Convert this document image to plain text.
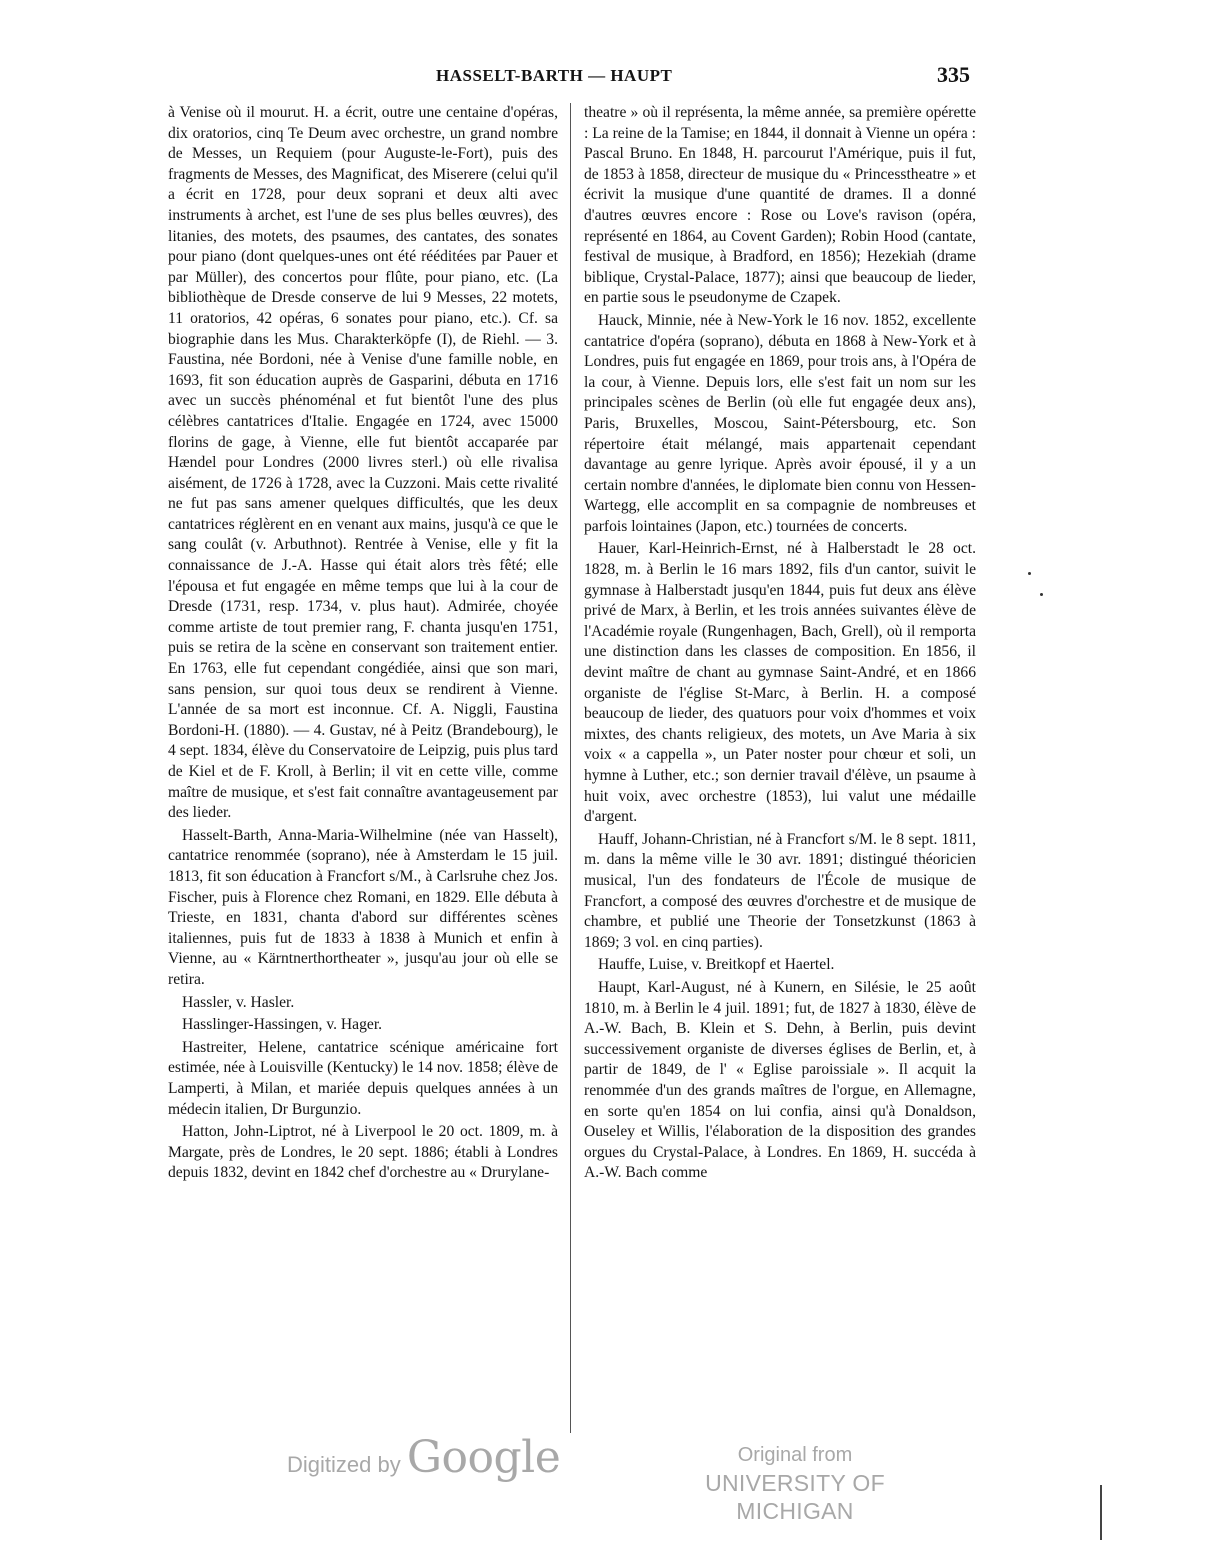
HASSELT-BARTH — HAUPT	335

à Venise où il mourut. H. a écrit, outre une centaine d'opéras, dix oratorios, cinq Te Deum avec orchestre, un grand nombre de Messes, un Requiem (pour Auguste-le-Fort), puis des fragments de Messes, des Magnificat, des Miserere (celui qu'il a écrit en 1728, pour deux soprani et deux alti avec instruments à archet, est l'une de ses plus belles œuvres), des litanies, des motets, des psaumes, des cantates, des sonates pour piano (dont quelques-unes ont été rééditées par Pauer et par Müller), des concertos pour flûte, pour piano, etc. (La bibliothèque de Dresde conserve de lui 9 Messes, 22 motets, 11 oratorios, 42 opéras, 6 sonates pour piano, etc.). Cf. sa biographie dans les Mus. Charakterköpfe (I), de Riehl. — 3. Faustina, née Bordoni, née à Venise d'une famille noble, en 1693, fit son éducation auprès de Gasparini, débuta en 1716 avec un succès phénoménal et fut bientôt l'une des plus célèbres cantatrices d'Italie. Engagée en 1724, avec 15000 florins de gage, à Vienne, elle fut bientôt accaparée par Hændel pour Londres (2000 livres sterl.) où elle rivalisa aisément, de 1726 à 1728, avec la Cuzzoni. Mais cette rivalité ne fut pas sans amener quelques difficultés, que les deux cantatrices réglèrent en en venant aux mains, jusqu'à ce que le sang coulât (v. Arbuthnot). Rentrée à Venise, elle y fit la connaissance de J.-A. Hasse qui était alors très fêté; elle l'épousa et fut engagée en même temps que lui à la cour de Dresde (1731, resp. 1734, v. plus haut). Admirée, choyée comme artiste de tout premier rang, F. chanta jusqu'en 1751, puis se retira de la scène en conservant son traitement entier. En 1763, elle fut cependant congédiée, ainsi que son mari, sans pension, sur quoi tous deux se rendirent à Vienne. L'année de sa mort est inconnue. Cf. A. Niggli, Faustina Bordoni-H. (1880). — 4. Gustav, né à Peitz (Brandebourg), le 4 sept. 1834, élève du Conservatoire de Leipzig, puis plus tard de Kiel et de F. Kroll, à Berlin; il vit en cette ville, comme maître de musique, et s'est fait connaître avantageusement par des lieder.

Hasselt-Barth, Anna-Maria-Wilhelmine (née van Hasselt), cantatrice renommée (soprano), née à Amsterdam le 15 juil. 1813, fit son éducation à Francfort s/M., à Carlsruhe chez Jos. Fischer, puis à Florence chez Romani, en 1829. Elle débuta à Trieste, en 1831, chanta d'abord sur différentes scènes italiennes, puis fut de 1833 à 1838 à Munich et enfin à Vienne, au « Kärntnerthortheater », jusqu'au jour où elle se retira.

Hassler, v. Hasler.

Hasslinger-Hassingen, v. Hager.

Hastreiter, Helene, cantatrice scénique américaine fort estimée, née à Louisville (Kentucky) le 14 nov. 1858; élève de Lamperti, à Milan, et mariée depuis quelques années à un médecin italien, Dr Burgunzio.

Hatton, John-Liptrot, né à Liverpool le 20 oct. 1809, m. à Margate, près de Londres, le 20 sept. 1886; établi à Londres depuis 1832, devint en 1842 chef d'orchestre au « Drurylane-

theatre » où il représenta, la même année, sa première opérette : La reine de la Tamise; en 1844, il donnait à Vienne un opéra : Pascal Bruno. En 1848, H. parcourut l'Amérique, puis il fut, de 1853 à 1858, directeur de musique du « Princesstheatre » et écrivit la musique d'une quantité de drames. Il a donné d'autres œuvres encore : Rose ou Love's ravison (opéra, représenté en 1864, au Covent Garden); Robin Hood (cantate, festival de musique, à Bradford, en 1856); Hezekiah (drame biblique, Crystal-Palace, 1877); ainsi que beaucoup de lieder, en partie sous le pseudonyme de Czapek.

Hauck, Minnie, née à New-York le 16 nov. 1852, excellente cantatrice d'opéra (soprano), débuta en 1868 à New-York et à Londres, puis fut engagée en 1869, pour trois ans, à l'Opéra de la cour, à Vienne. Depuis lors, elle s'est fait un nom sur les principales scènes de Berlin (où elle fut engagée deux ans), Paris, Bruxelles, Moscou, Saint-Pétersbourg, etc. Son répertoire était mélangé, mais appartenait cependant davantage au genre lyrique. Après avoir épousé, il y a un certain nombre d'années, le diplomate bien connu von Hessen-Wartegg, elle accomplit en sa compagnie de nombreuses et parfois lointaines (Japon, etc.) tournées de concerts.

Hauer, Karl-Heinrich-Ernst, né à Halberstadt le 28 oct. 1828, m. à Berlin le 16 mars 1892, fils d'un cantor, suivit le gymnase à Halberstadt jusqu'en 1844, puis fut deux ans élève privé de Marx, à Berlin, et les trois années suivantes élève de l'Académie royale (Rungenhagen, Bach, Grell), où il remporta une distinction dans les classes de composition. En 1856, il devint maître de chant au gymnase Saint-André, et en 1866 organiste de l'église St-Marc, à Berlin. H. a composé beaucoup de lieder, des quatuors pour voix d'hommes et voix mixtes, des chants religieux, des motets, un Ave Maria à six voix « a cappella », un Pater noster pour chœur et soli, un hymne à Luther, etc.; son dernier travail d'élève, un psaume à huit voix, avec orchestre (1853), lui valut une médaille d'argent.

Hauff, Johann-Christian, né à Francfort s/M. le 8 sept. 1811, m. dans la même ville le 30 avr. 1891; distingué théoricien musical, l'un des fondateurs de l'École de musique de Francfort, a composé des œuvres d'orchestre et de musique de chambre, et publié une Theorie der Tonsetzkunst (1863 à 1869; 3 vol. en cinq parties).

Hauffe, Luise, v. Breitkopf et Haertel.

Haupt, Karl-August, né à Kunern, en Silésie, le 25 août 1810, m. à Berlin le 4 juil. 1891; fut, de 1827 à 1830, élève de A.-W. Bach, B. Klein et S. Dehn, à Berlin, puis devint successivement organiste de diverses églises de Berlin, et, à partir de 1849, de l' « Eglise paroissiale ». Il acquit la renommée d'un des grands maîtres de l'orgue, en Allemagne, en sorte qu'en 1854 on lui confia, ainsi qu'à Donaldson, Ouseley et Willis, l'élaboration de la disposition des grandes orgues du Crystal-Palace, à Londres. En 1869, H. succéda à A.-W. Bach comme

Digitized by Google	Original from
UNIVERSITY OF MICHIGAN
